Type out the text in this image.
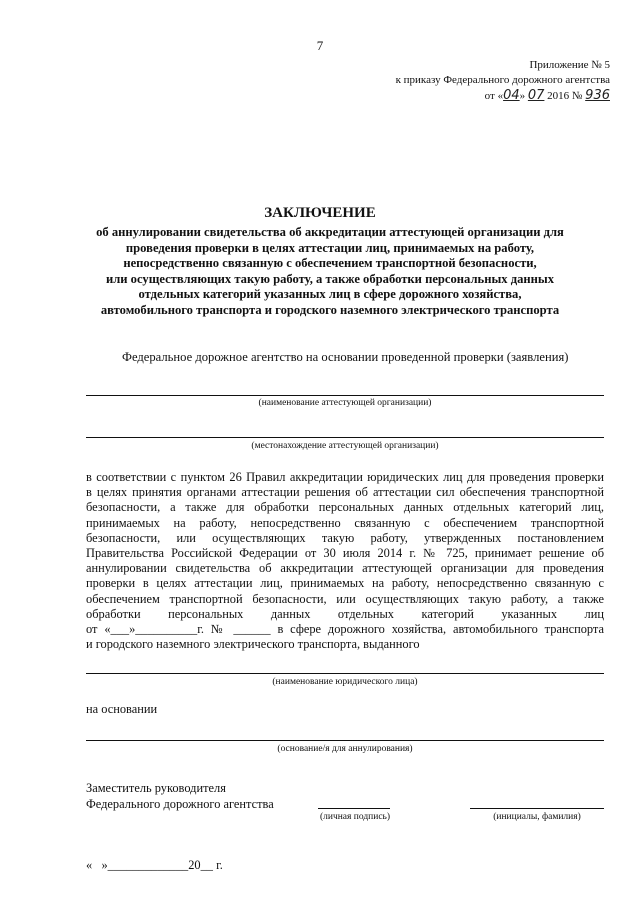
7
Приложение № 5
к приказу Федерального дорожного агентства
от «04» 07 2016 № 936
ЗАКЛЮЧЕНИЕ
об аннулировании свидетельства об аккредитации аттестующей организации для
проведения проверки в целях аттестации лиц, принимаемых на работу,
непосредственно связанную с обеспечением транспортной безопасности,
или осуществляющих такую работу, а также обработки персональных данных
отдельных категорий указанных лиц в сфере дорожного хозяйства,
автомобильного транспорта и городского наземного электрического транспорта
Федеральное дорожное агентство на основании проведенной проверки (заявления)
(наименование аттестующей организации)
(местонахождение аттестующей организации)
в соответствии с пунктом 26 Правил аккредитации юридических лиц для проведения проверки
в целях принятия органами аттестации решения об аттестации сил обеспечения транспортной
безопасности, а также для обработки персональных данных отдельных категорий лиц,
принимаемых на работу, непосредственно связанную с обеспечением транспортной
безопасности, или осуществляющих такую работу, утвержденных постановлением
Правительства Российской Федерации от 30 июля 2014 г. № 725, принимает решение об
аннулировании свидетельства об аккредитации аттестующей организации для проведения
проверки в целях аттестации лиц, принимаемых на работу, непосредственно связанную с
обеспечением транспортной безопасности, или осуществляющих такую работу, а также
обработки персональных данных отдельных категорий указанных лиц
от «___»__________г. № ______ в сфере дорожного хозяйства, автомобильного транспорта
и городского наземного электрического транспорта, выданного
(наименование юридического лица)
на основании
(основание/я для аннулирования)
Заместитель руководителя
Федерального дорожного агентства
(личная подпись)	(инициалы, фамилия)
«   »_____________20__ г.
